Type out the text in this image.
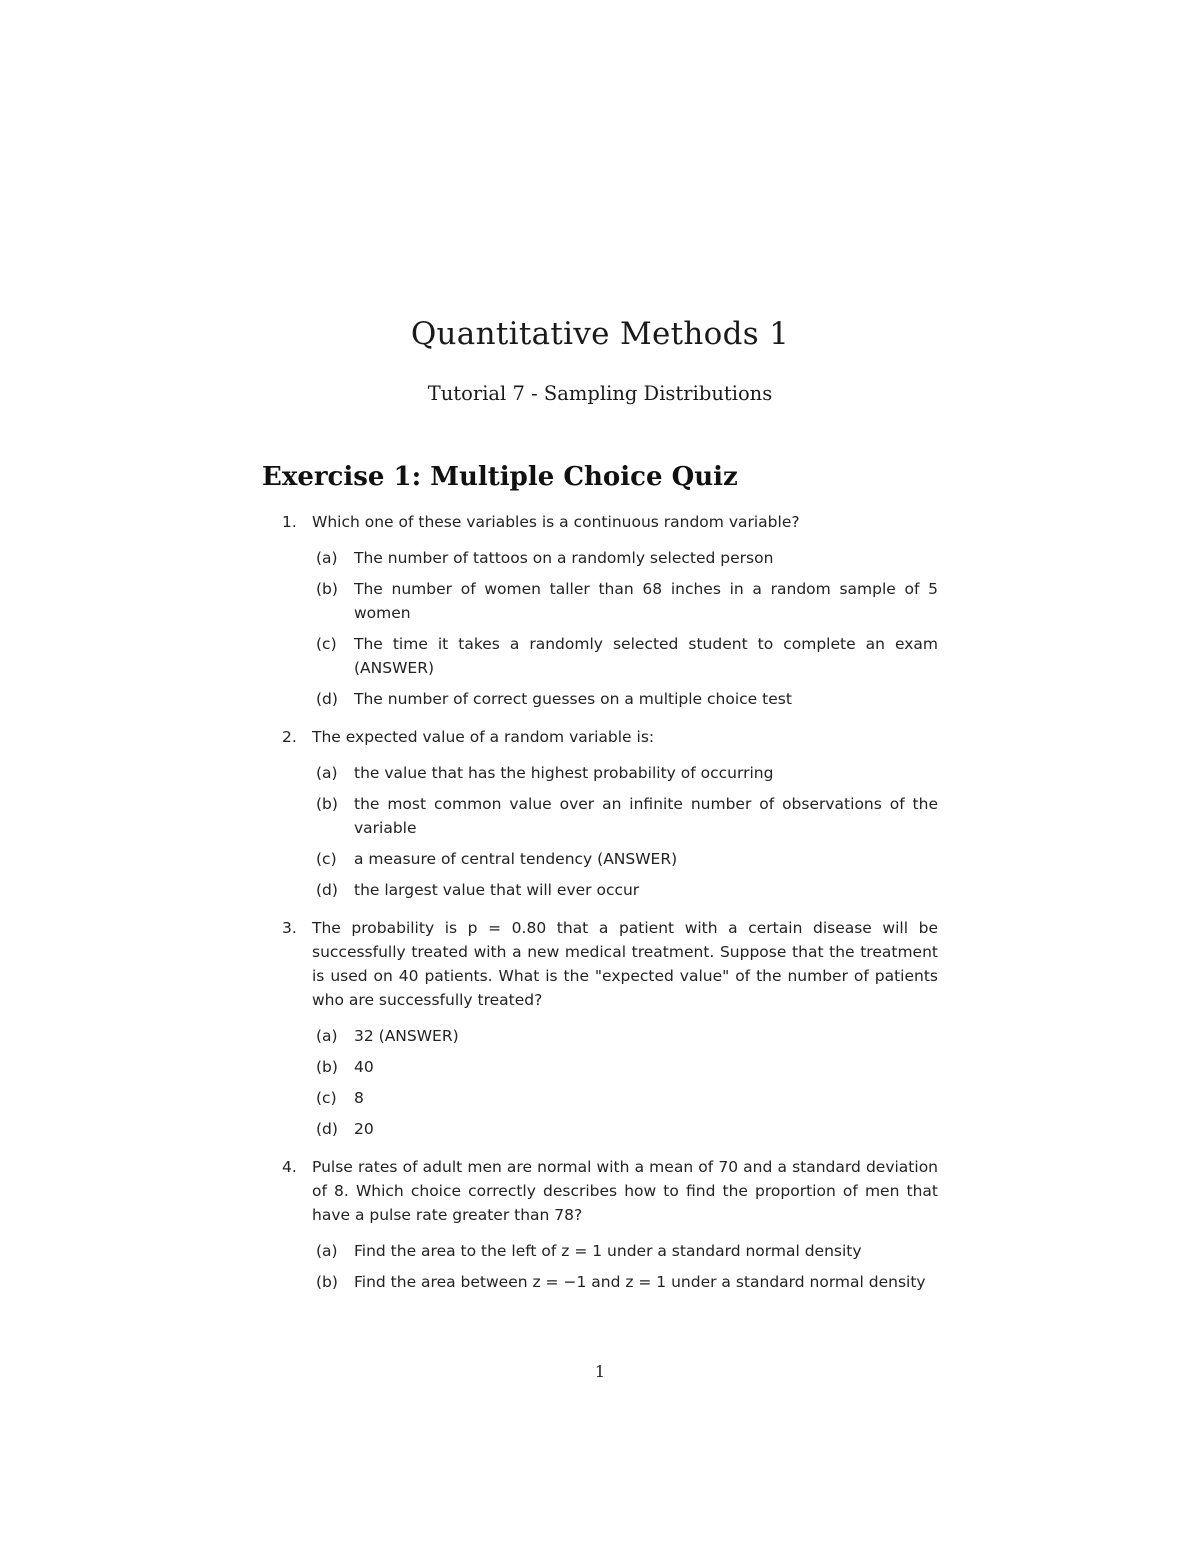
Quantitative Methods 1
Tutorial 7 - Sampling Distributions
Exercise 1: Multiple Choice Quiz
1. Which one of these variables is a continuous random variable?
(a) The number of tattoos on a randomly selected person
(b) The number of women taller than 68 inches in a random sample of 5 women
(c) The time it takes a randomly selected student to complete an exam (ANSWER)
(d) The number of correct guesses on a multiple choice test
2. The expected value of a random variable is:
(a) the value that has the highest probability of occurring
(b) the most common value over an infinite number of observations of the variable
(c) a measure of central tendency (ANSWER)
(d) the largest value that will ever occur
3. The probability is p = 0.80 that a patient with a certain disease will be successfully treated with a new medical treatment. Suppose that the treatment is used on 40 patients. What is the "expected value" of the number of patients who are successfully treated?
(a) 32 (ANSWER)
(b) 40
(c) 8
(d) 20
4. Pulse rates of adult men are normal with a mean of 70 and a standard deviation of 8. Which choice correctly describes how to find the proportion of men that have a pulse rate greater than 78?
(a) Find the area to the left of z = 1 under a standard normal density
(b) Find the area between z = −1 and z = 1 under a standard normal density
1
